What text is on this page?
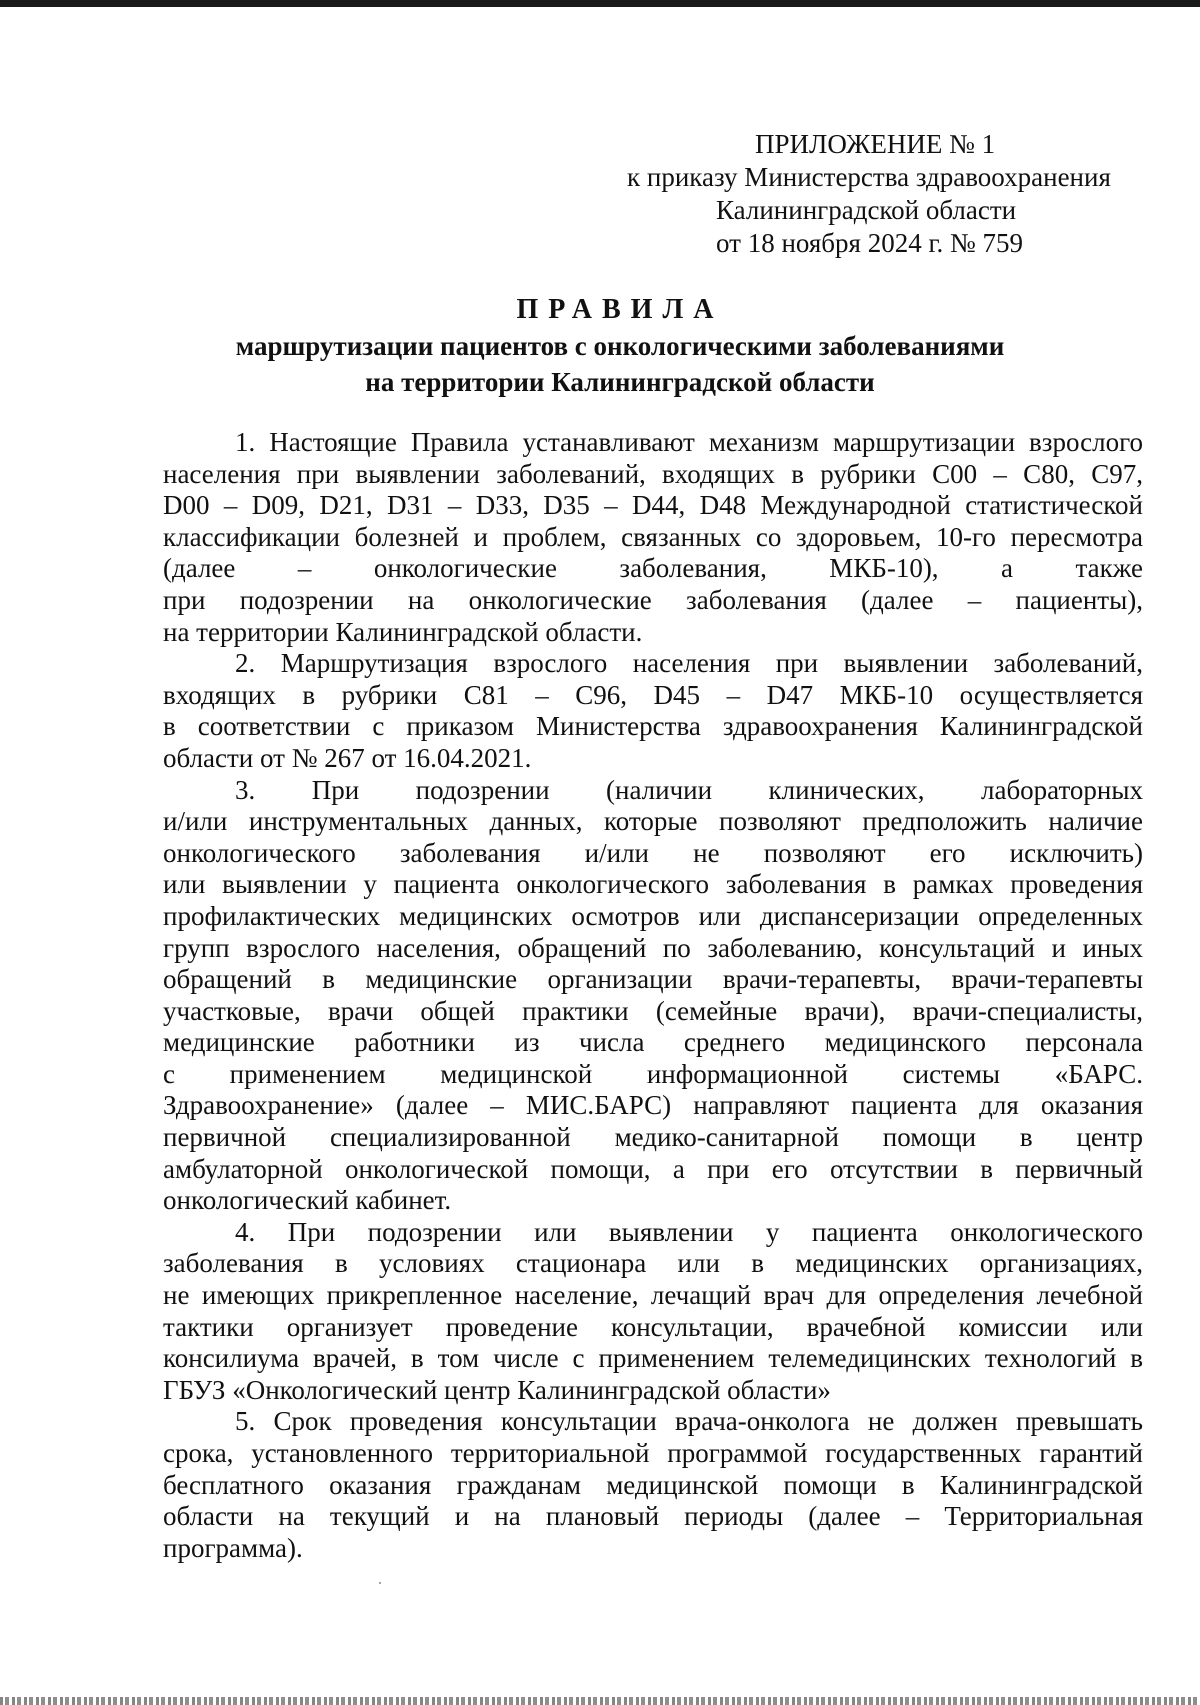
ПРИЛОЖЕНИЕ № 1
к приказу Министерства здравоохранения
Калининградской области
от 18 ноября 2024 г. № 759
ПРАВИЛА
маршрутизации пациентов с онкологическими заболеваниями
на территории Калининградской области
1. Настоящие Правила устанавливают механизм маршрутизации взрослого
населения при выявлении заболеваний, входящих в рубрики С00 – С80, С97,
D00 – D09, D21, D31 – D33, D35 – D44, D48 Международной статистической
классификации болезней и проблем, связанных со здоровьем, 10-го пересмотра
(далее – онкологические заболевания, МКБ-10), а также
при подозрении на онкологические заболевания (далее – пациенты),
на территории Калининградской области.
2. Маршрутизация взрослого населения при выявлении заболеваний,
входящих в рубрики С81 – С96, D45 – D47 МКБ-10 осуществляется
в соответствии с приказом Министерства здравоохранения Калининградской
области от № 267 от 16.04.2021.
3. При подозрении (наличии клинических, лабораторных
и/или инструментальных данных, которые позволяют предположить наличие
онкологического заболевания и/или не позволяют его исключить)
или выявлении у пациента онкологического заболевания в рамках проведения
профилактических медицинских осмотров или диспансеризации определенных
групп взрослого населения, обращений по заболеванию, консультаций и иных
обращений в медицинские организации врачи-терапевты, врачи-терапевты
участковые, врачи общей практики (семейные врачи), врачи-специалисты,
медицинские работники из числа среднего медицинского персонала
с применением медицинской информационной системы «БАРС.
Здравоохранение» (далее – МИС.БАРС) направляют пациента для оказания
первичной специализированной медико-санитарной помощи в центр
амбулаторной онкологической помощи, а при его отсутствии в первичный
онкологический кабинет.
4. При подозрении или выявлении у пациента онкологического
заболевания в условиях стационара или в медицинских организациях,
не имеющих прикрепленное население, лечащий врач для определения лечебной
тактики организует проведение консультации, врачебной комиссии или
консилиума врачей, в том числе с применением телемедицинских технологий в
ГБУЗ «Онкологический центр Калининградской области»
5. Срок проведения консультации врача-онколога не должен превышать
срока, установленного территориальной программой государственных гарантий
бесплатного оказания гражданам медицинской помощи в Калининградской
области на текущий и на плановый периоды (далее – Территориальная
программа).
